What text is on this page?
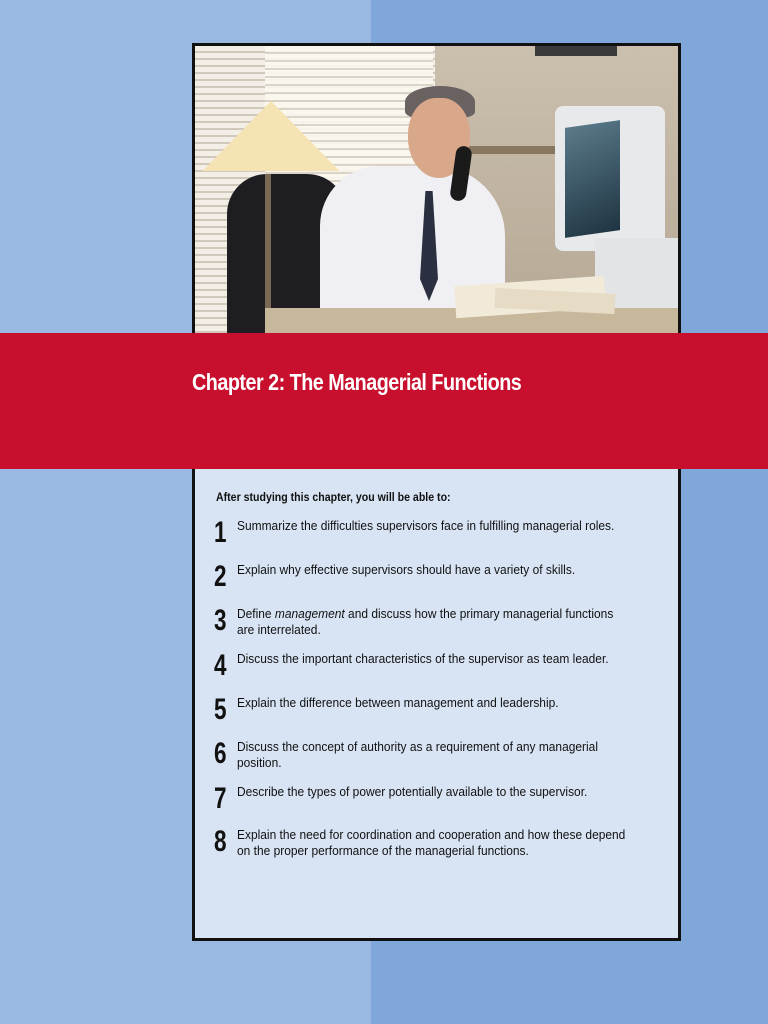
Chapter 2: The Managerial Functions

After studying this chapter, you will be able to:

1 Summarize the difficulties supervisors face in fulfilling managerial roles.
2 Explain why effective supervisors should have a variety of skills.
3 Define management and discuss how the primary managerial functions are interrelated.
4 Discuss the important characteristics of the supervisor as team leader.
5 Explain the difference between management and leadership.
6 Discuss the concept of authority as a requirement of any managerial position.
7 Describe the types of power potentially available to the supervisor.
8 Explain the need for coordination and cooperation and how these depend on the proper performance of the managerial functions.
